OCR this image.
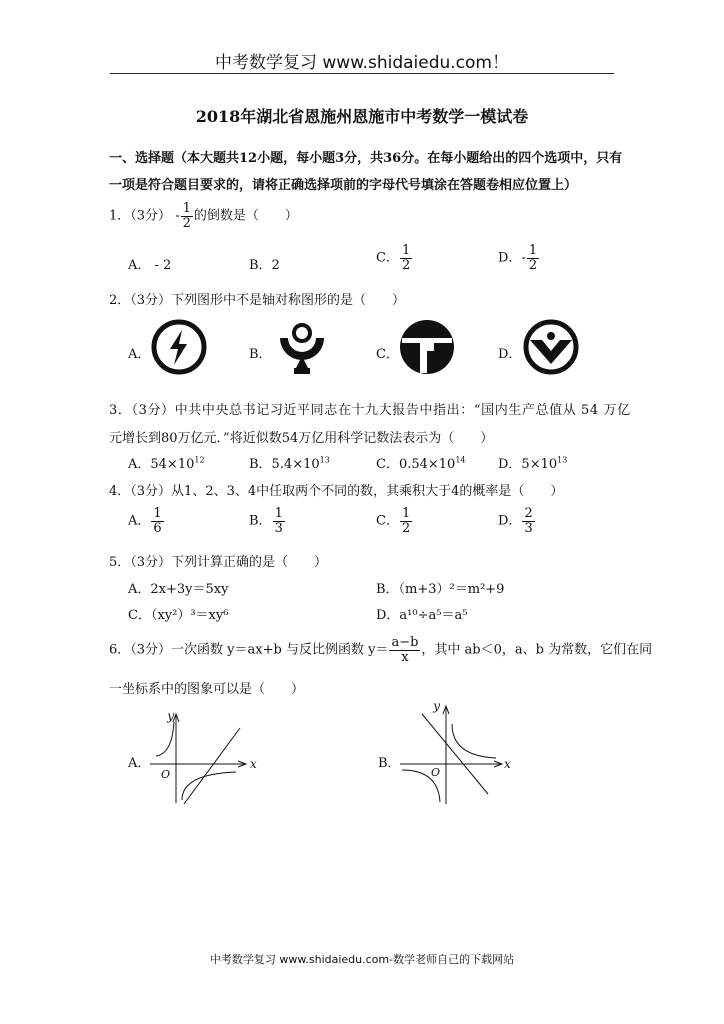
中考数学复习 www.shidaiedu.com！
2018年湖北省恩施州恩施市中考数学一模试卷
一、选择题（本大题共12小题，每小题3分，共36分。在每小题给出的四个选项中，只有
一项是符合题目要求的，请将正确选择项前的字母代号填涂在答题卷相应位置上）
1．（3分） - $\frac{1}{2}$ 的倒数是（　　）
A． - 2	B．2	C． $\frac{1}{2}$	D．- $\frac{1}{2}$
2．（3分）下列图形中不是轴对称图形的是（　　）
A．	B．	C．	D．
3．（3分）中共中央总书记习近平同志在十九大报告中指出：“国内生产总值从 54 万亿
元增长到80万亿元．”将近似数54万亿用科学记数法表示为（　　）
A．$54\times 10^{12}$	B．$5.4\times 10^{13}$	C．$0.54\times 10^{14}$ D．$5\times 10^{13}$
4．（3分）从1、2、3、4中任取两个不同的数，其乘积大于4的概率是（　　）
A． $\frac{1}{6}$	B． $\frac{1}{3}$	C． $\frac{1}{2}$	D． $\frac{2}{3}$
5．（3分）下列计算正确的是（　　）
A．2x+3y＝5xy	B．（m+3）²＝m²+9
C．（xy²）³＝xy⁶	D．a¹⁰÷a⁵＝a⁵
6．（3分）一次函数 y＝ax+b 与反比例函数 $y= \frac{a-b}{x}$ ，其中 ab＜0，a、b 为常数，它们在同
一坐标系中的图象可以是（　　）
A．
y
x
O
B．
y
x
O
中考数学复习 www.shidaiedu.com-数学老师自己的下载网站
